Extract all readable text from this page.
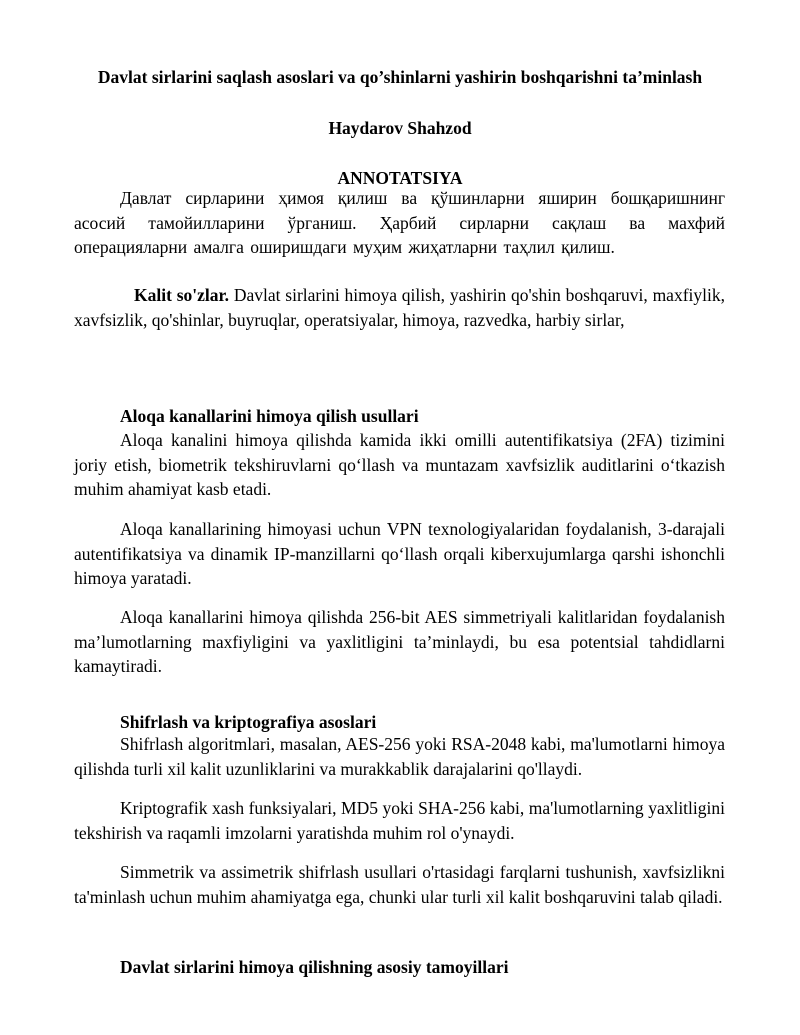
Davlat sirlarini saqlash asoslari va qo’shinlarni yashirin boshqarishni ta’minlash
Haydarov Shahzod
ANNOTATSIYA

Давлат сирларини ҳимоя қилиш ва қўшинларни яширин бошқаришнинг асосий тамойилларини ўрганиш. Ҳарбий сирларни сақлаш ва махфий операцияларни амалга оширишдаги муҳим жиҳатларни таҳлил қилиш.

Kalit so'zlar. Davlat sirlarini himoya qilish, yashirin qo'shin boshqaruvi, maxfiylik, xavfsizlik, qo'shinlar, buyruqlar, operatsiyalar, himoya, razvedka, harbiy sirlar,

Aloqa kanallarini himoya qilish usullari

Aloqa kanalini himoya qilishda kamida ikki omilli autentifikatsiya (2FA) tizimini joriy etish, biometrik tekshiruvlarni qo‘llash va muntazam xavfsizlik auditlarini o‘tkazish muhim ahamiyat kasb etadi.

Aloqa kanallarining himoyasi uchun VPN texnologiyalaridan foydalanish, 3-darajali autentifikatsiya va dinamik IP-manzillarni qo‘llash orqali kiberxujumlarga qarshi ishonchli himoya yaratadi.

Aloqa kanallarini himoya qilishda 256-bit AES simmetriyali kalitlaridan foydalanish ma’lumotlarning maxfiyligini va yaxlitligini ta’minlaydi, bu esa potentsial tahdidlarni kamaytiradi.

Shifrlash va kriptografiya asoslari

Shifrlash algoritmlari, masalan, AES-256 yoki RSA-2048 kabi, ma'lumotlarni himoya qilishda turli xil kalit uzunliklarini va murakkablik darajalarini qo'llaydi.

Kriptografik xash funksiyalari, MD5 yoki SHA-256 kabi, ma'lumotlarning yaxlitligini tekshirish va raqamli imzolarni yaratishda muhim rol o'ynaydi.

Simmetrik va assimetrik shifrlash usullari o'rtasidagi farqlarni tushunish, xavfsizlikni ta'minlash uchun muhim ahamiyatga ega, chunki ular turli xil kalit boshqaruvini talab qiladi.

Davlat sirlarini himoya qilishning asosiy tamoyillari
